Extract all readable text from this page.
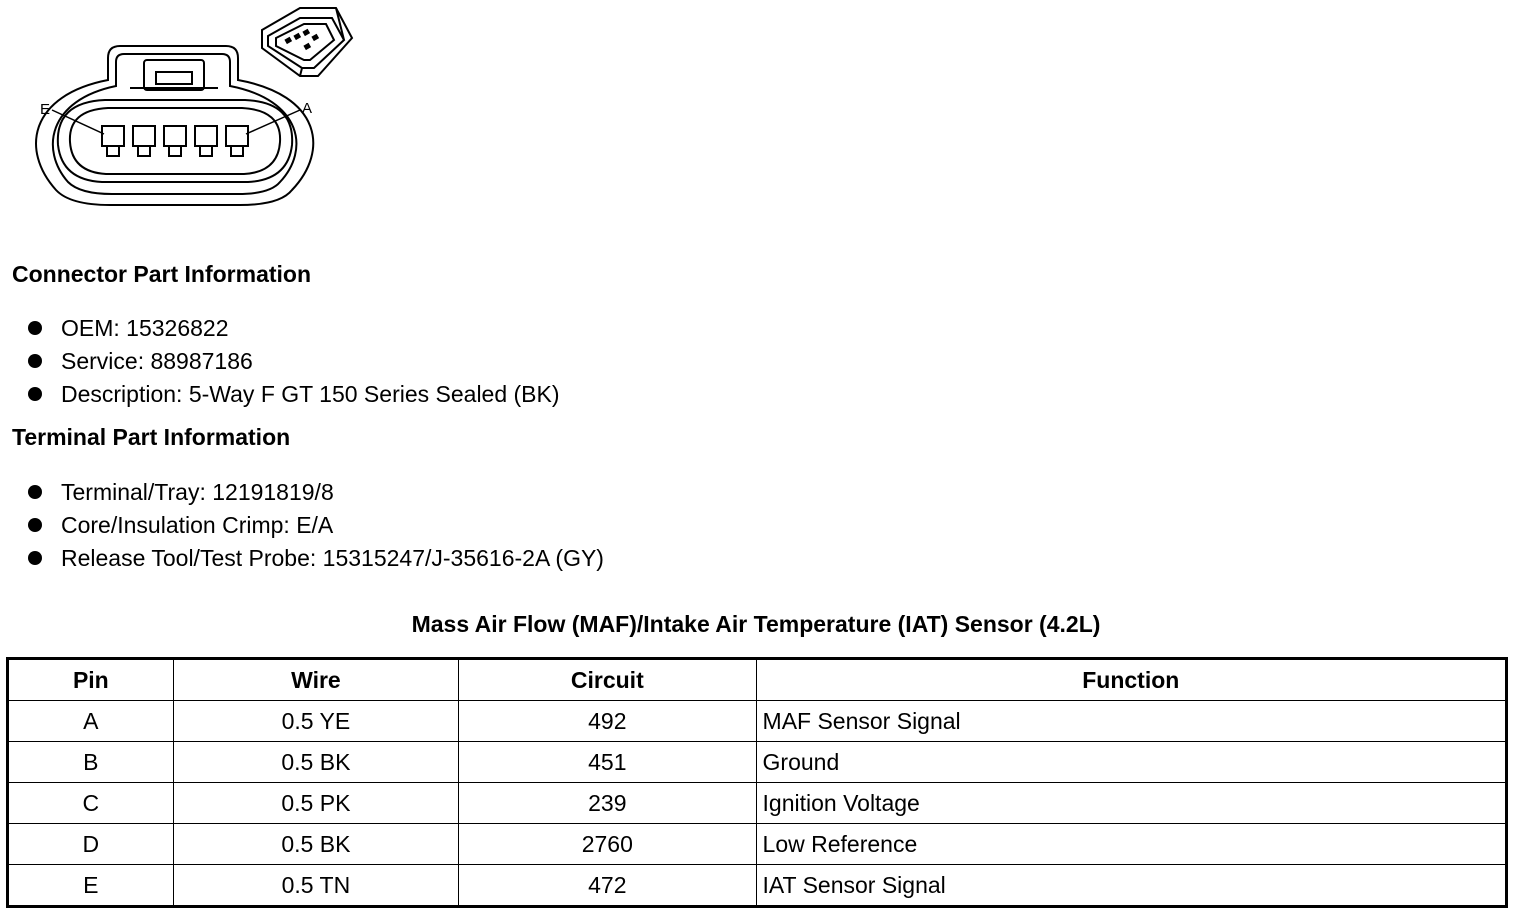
E	A
Connector Part Information
OEM: 15326822
Service: 88987186
Description: 5-Way F GT 150 Series Sealed (BK)
Terminal Part Information
Terminal/Tray: 12191819/8
Core/Insulation Crimp: E/A
Release Tool/Test Probe: 15315247/J-35616-2A (GY)
Mass Air Flow (MAF)/Intake Air Temperature (IAT) Sensor (4.2L)
Pin	Wire	Circuit	Function
A	0.5 YE	492	MAF Sensor Signal
B	0.5 BK	451	Ground
C	0.5 PK	239	Ignition Voltage
D	0.5 BK	2760	Low Reference
E	0.5 TN	472	IAT Sensor Signal
